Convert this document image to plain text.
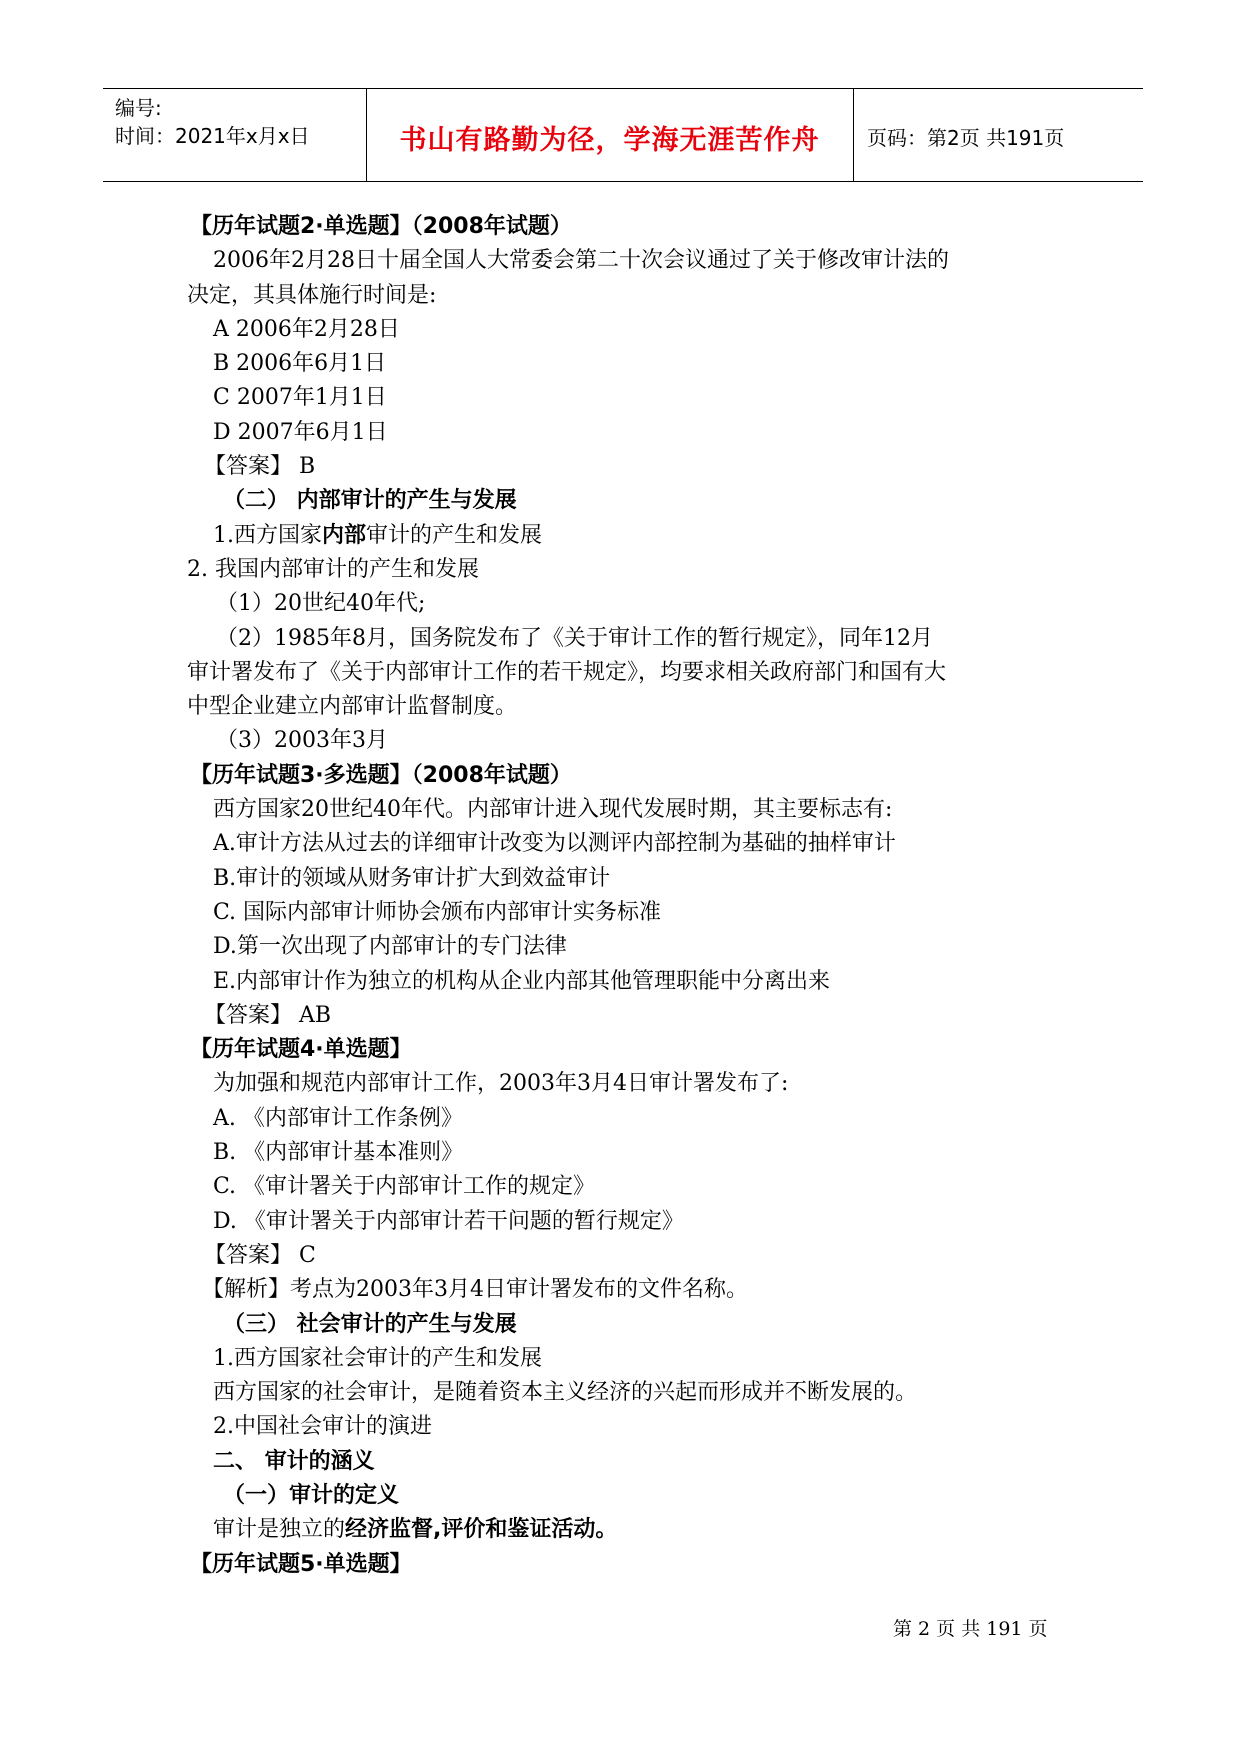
编号:
时间：2021年x月x日	书山有路勤为径，学海无涯苦作舟	页码：第2页 共191页
【历年试题2·单选题】（2008年试题）
2006年2月28日十届全国人大常委会第二十次会议通过了关于修改审计法的
决定，其具体施行时间是:
A 2006年2月28日
B 2006年6月1日
C 2007年1月1日
D 2007年6月1日
【答案】 B
（二） 内部审计的产生与发展
1.西方国家内部审计的产生和发展
2. 我国内部审计的产生和发展
（1）20世纪40年代;
（2）1985年8月，国务院发布了《关于审计工作的暂行规定》，同年12月
审计署发布了《关于内部审计工作的若干规定》，均要求相关政府部门和国有大
中型企业建立内部审计监督制度。
（3）2003年3月
【历年试题3·多选题】（2008年试题）
西方国家20世纪40年代。内部审计进入现代发展时期，其主要标志有:
A.审计方法从过去的详细审计改变为以测评内部控制为基础的抽样审计
B.审计的领域从财务审计扩大到效益审计
C. 国际内部审计师协会颁布内部审计实务标准
D.第一次出现了内部审计的专门法律
E.内部审计作为独立的机构从企业内部其他管理职能中分离出来
【答案】 AB
【历年试题4·单选题】
为加强和规范内部审计工作，2003年3月4日审计署发布了:
A. 《内部审计工作条例》
B. 《内部审计基本准则》
C. 《审计署关于内部审计工作的规定》
D. 《审计署关于内部审计若干问题的暂行规定》
【答案】 C
【解析】考点为2003年3月4日审计署发布的文件名称。
（三） 社会审计的产生与发展
1.西方国家社会审计的产生和发展
西方国家的社会审计，是随着资本主义经济的兴起而形成并不断发展的。
2.中国社会审计的演进
二、 审计的涵义
（一）审计的定义
审计是独立的经济监督,评价和鉴证活动。
【历年试题5·单选题】
第 2 页 共 191 页
